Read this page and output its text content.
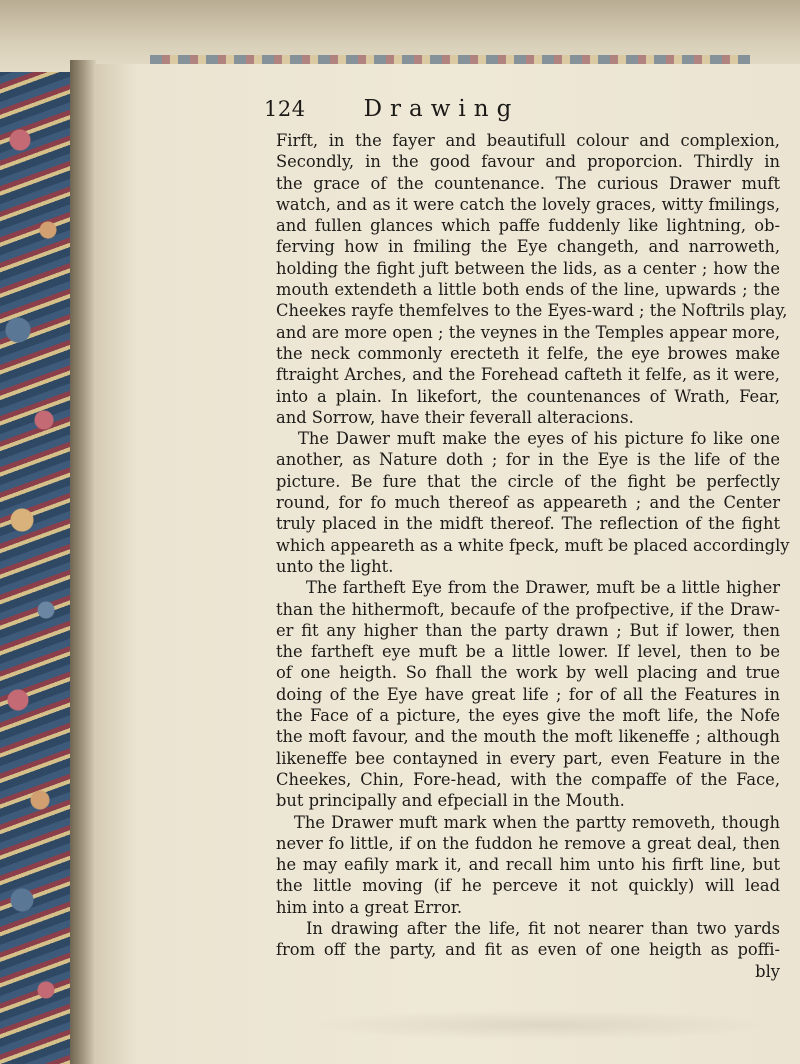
124	Drawing
Firft, in the fayer and beautifull colour and complexion,
Secondly, in the good favour and proporcion. Thirdly in
the grace of the countenance. The curious Drawer muft
watch, and as it were catch the lovely graces, witty fmilings,
and fullen glances which paffe fuddenly like lightning, ob-
ferving how in fmiling the Eye changeth, and narroweth,
holding the fight juft between the lids, as a center ; how the
mouth extendeth a little both ends of the line, upwards ; the
Cheekes rayfe themfelves to the Eyes-ward ; the Noftrils play,
and are more open ; the veynes in the Temples appear more,
the neck commonly erecteth it felfe, the eye browes make
ftraight Arches, and the Forehead cafteth it felfe, as it were,
into a plain. In likefort, the countenances of Wrath, Fear,
and Sorrow, have their feverall alteracions.
The Dawer muft make the eyes of his picture fo like one
another, as Nature doth ; for in the Eye is the life of the
picture. Be fure that the circle of the fight be perfectly
round, for fo much thereof as appeareth ; and the Center
truly placed in the midft thereof. The reflection of the fight
which appeareth as a white fpeck, muft be placed accordingly
unto the light.
The fartheft Eye from the Drawer, muft be a little higher
than the hithermoft, becaufe of the profpective, if the Draw-
er fit any higher than the party drawn ; But if lower, then
the fartheft eye muft be a little lower. If level, then to be
of one heigth. So fhall the work by well placing and true
doing of the Eye have great life ; for of all the Features in
the Face of a picture, the eyes give the moft life, the Nofe
the moft favour, and the mouth the moft likeneffe ; although
likeneffe bee contayned in every part, even Feature in the
Cheekes, Chin, Fore-head, with the compaffe of the Face,
but principally and efpeciall in the Mouth.
The Drawer muft mark when the partty removeth, though
never fo little, if on the fuddon he remove a great deal, then
he may eafily mark it, and recall him unto his firft line, but
the little moving (if he perceve it not quickly) will lead
him into a great Error.
In drawing after the life, fit not nearer than two yards
from off the party, and fit as even of one heigth as poffi-
bly
